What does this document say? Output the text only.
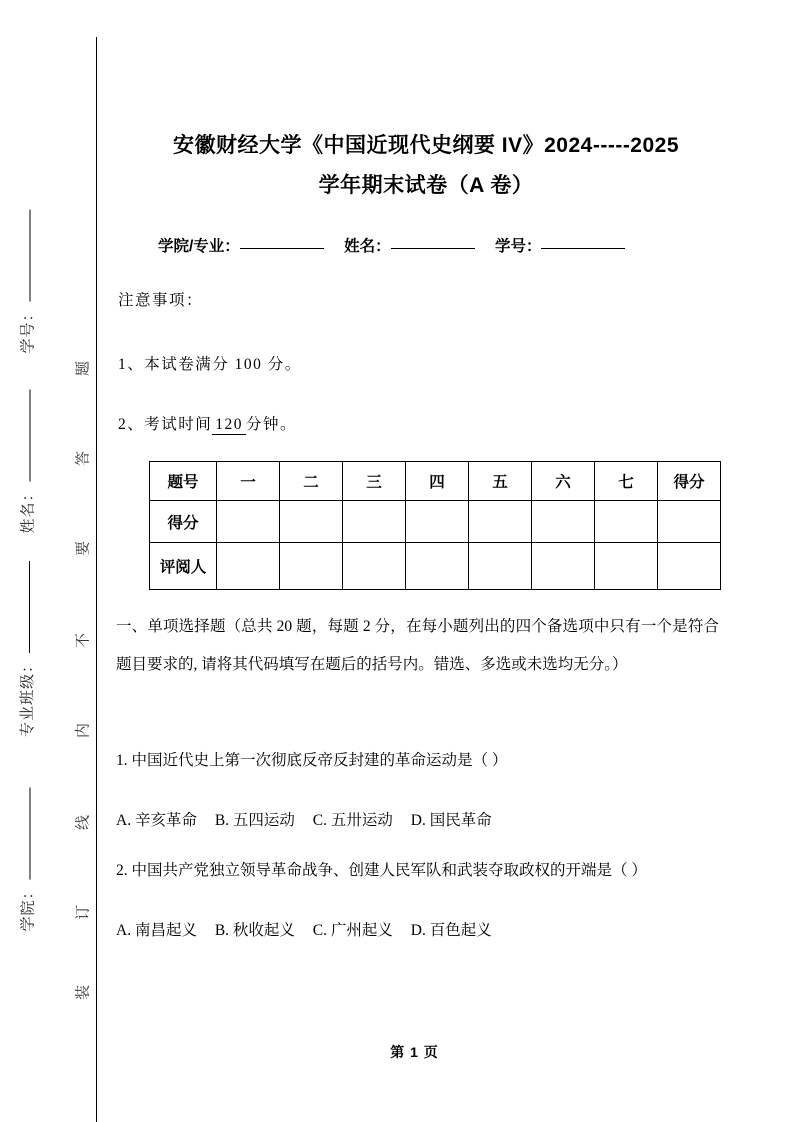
学号：
姓名：
专业班级：
学院：
题
答
要
不
内
线
订
装
安徽财经大学《中国近现代史纲要 IV》2024-----2025
学年期末试卷（A 卷）
学院/专业：	姓名：	学号：
注意事项：
1、本试卷满分 100 分。
2、考试时间 120 分钟。
题号	一	二	三	四	五	六	七	得分
得分								
评阅人								
一、单项选择题（总共 20 题，每题 2 分，在每小题列出的四个备选项中只有一个是符合题目要求的, 请将其代码填写在题后的括号内。错选、多选或未选均无分。）
1. 中国近代史上第一次彻底反帝反封建的革命运动是（ ）
A. 辛亥革命 B. 五四运动 C. 五卅运动 D. 国民革命
2. 中国共产党独立领导革命战争、创建人民军队和武装夺取政权的开端是（ ）
A. 南昌起义 B. 秋收起义 C. 广州起义 D. 百色起义
第 1 页
